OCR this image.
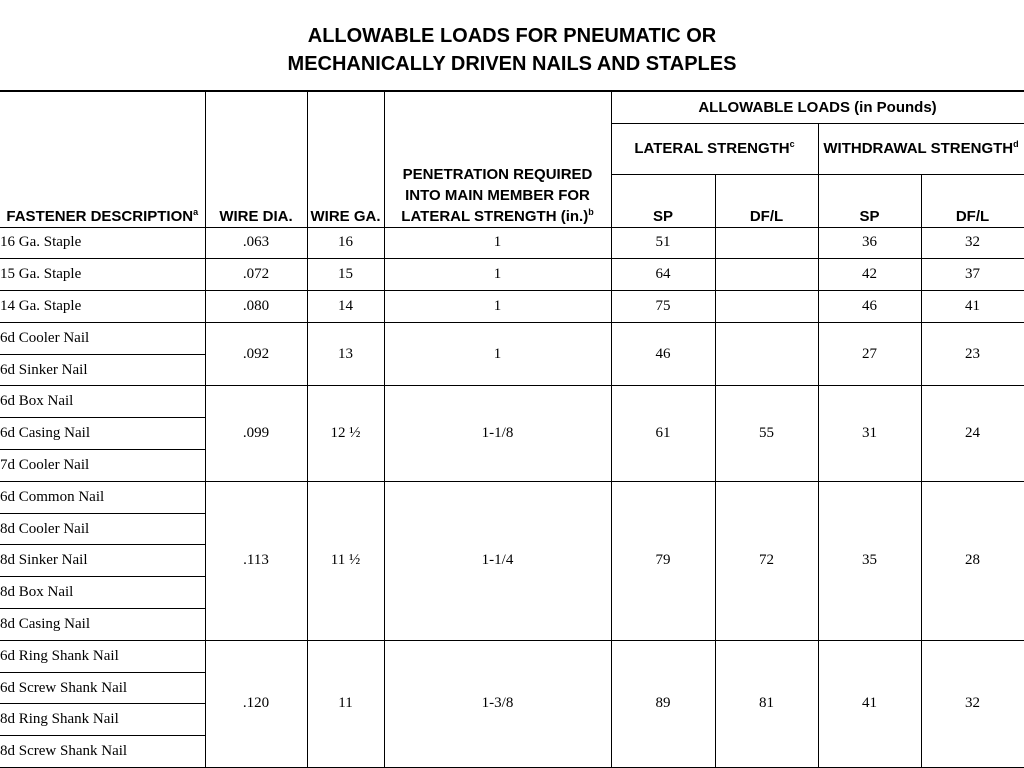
ALLOWABLE LOADS FOR PNEUMATIC OR
MECHANICALLY DRIVEN NAILS AND STAPLES
FASTENER DESCRIPTION$^a$	WIRE DIA.	WIRE GA.	PENETRATION REQUIRED INTO MAIN MEMBER FOR LATERAL STRENGTH $(in.)^b$	ALLOWABLE LOADS (in Pounds)			
				LATERAL STRENGTH$^c$		WITHDRAWAL STRENGTH$^d$
				SP	DF/L	SP	DF/L
16 Ga. Staple	.063	16	1	51		36	32
15 Ga. Staple	.072	15	1	64		42	37
14 Ga. Staple	.080	14	1	75		46	41
6d Cooler Nail	.092	13	1	46		27	23
6d Sinker Nail							
6d Box Nail	.099	12 ½	1-1/8	61	55	31	24
6d Casing Nail							
7d Cooler Nail							
6d Common Nail	.113	11 ½	1-1/4	79	72	35	28
8d Cooler Nail							
8d Sinker Nail							
8d Box Nail							
8d Casing Nail							
6d Ring Shank Nail	.120	11	1-3/8	89	81	41	32
6d Screw Shank Nail							
8d Ring Shank Nail							
8d Screw Shank Nail							
